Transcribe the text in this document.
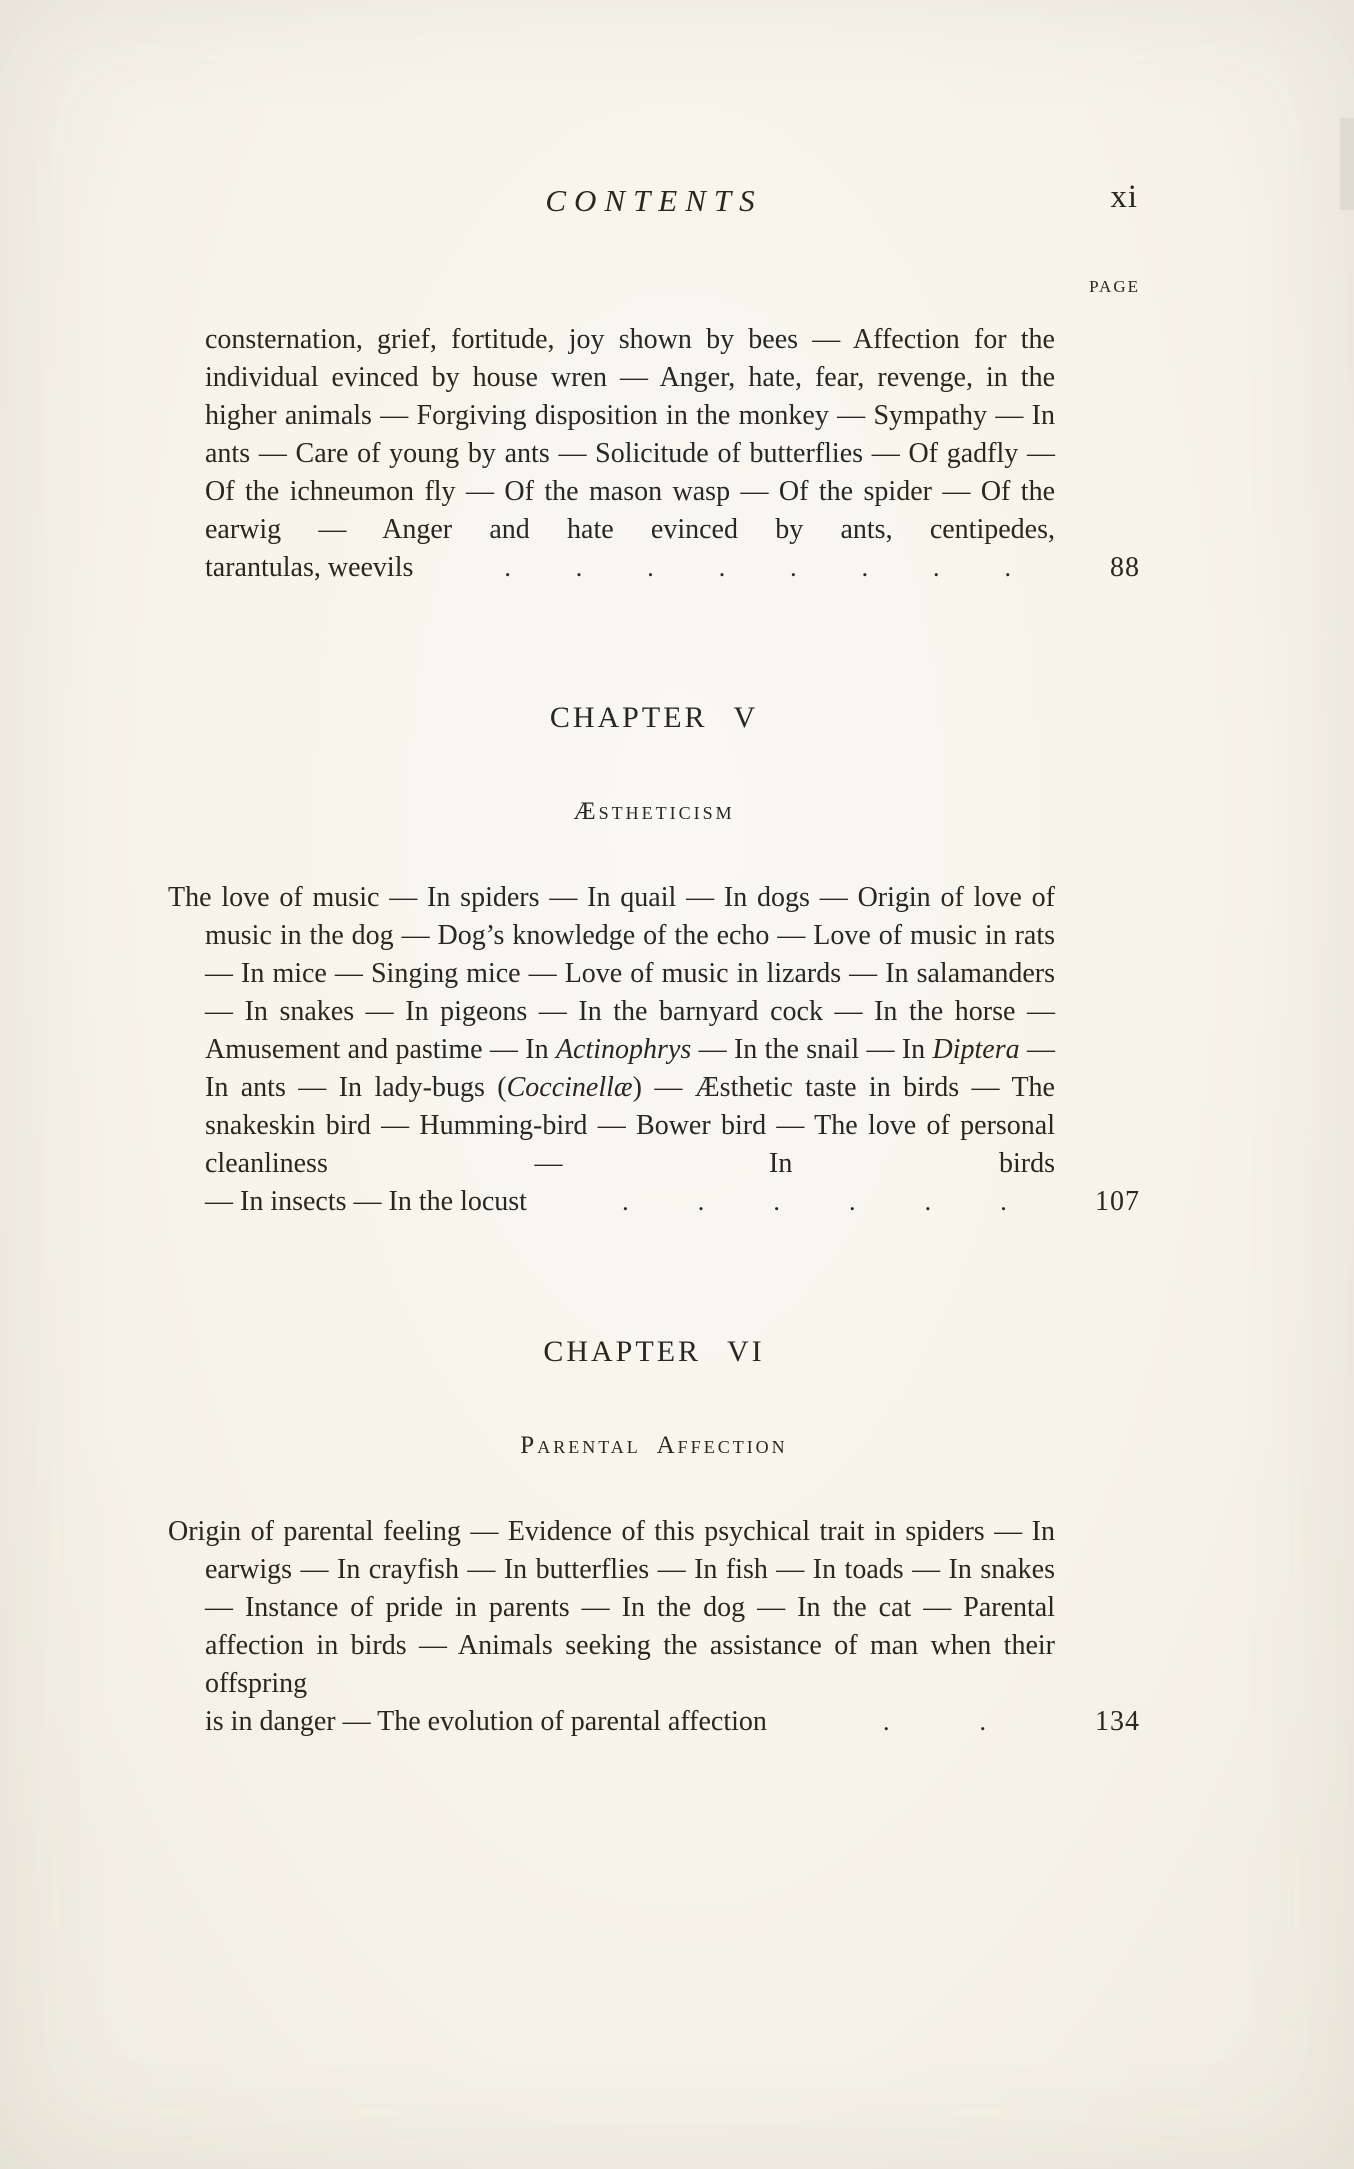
CONTENTS	xi
PAGE
consternation, grief, fortitude, joy shown by bees — Affection for the individual evinced by house wren — Anger, hate, fear, revenge, in the higher animals — Forgiving disposition in the monkey — Sympathy — In ants — Care of young by ants — Solicitude of butterflies — Of gadfly — Of the ichneumon fly — Of the mason wasp — Of the spider — Of the earwig — Anger and hate evinced by ants, centipedes,
tarantulas, weevils	. . . . . . . .	88
CHAPTER V
Æstheticism
The love of music — In spiders — In quail — In dogs — Origin of love of music in the dog — Dog’s knowledge of the echo — Love of music in rats — In mice — Singing mice — Love of music in lizards — In salamanders — In snakes — In pigeons — In the barnyard cock — In the horse — Amusement and pastime — In Actinophrys — In the snail — In Diptera — In ants — In lady-bugs (Coccinellæ) — Æsthetic taste in birds — The snakeskin bird — Humming-bird — Bower bird — The love of personal cleanliness — In birds
— In insects — In the locust	.	.	.	.	.	.	107
CHAPTER VI
Parental Affection
Origin of parental feeling — Evidence of this psychical trait in spiders — In earwigs — In crayfish — In butterflies — In fish — In toads — In snakes — Instance of pride in parents — In the dog — In the cat — Parental affection in birds — Animals seeking the assistance of man when their offspring
is in danger — The evolution of parental affection	.	.	134
